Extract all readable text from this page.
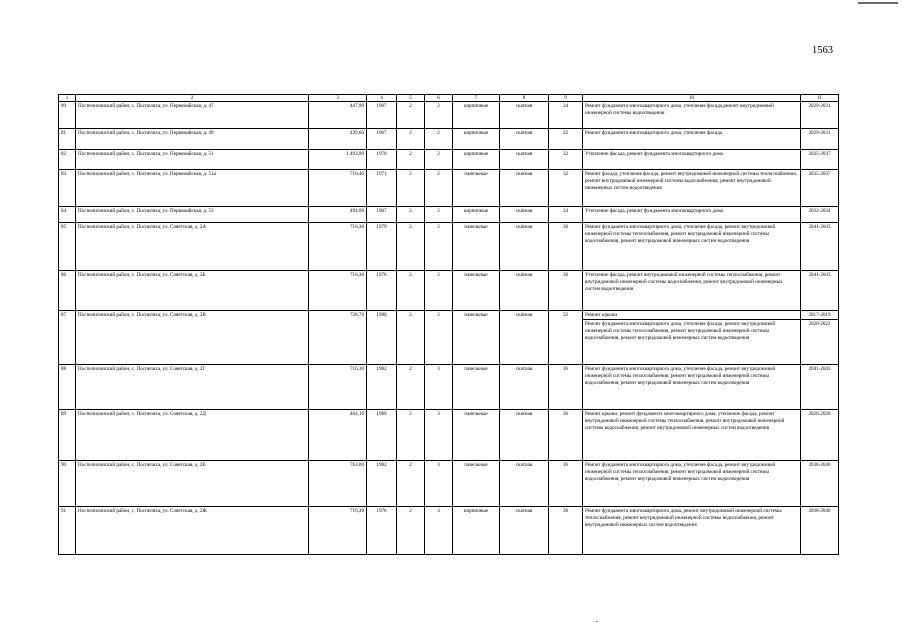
1563
1	2	3	4	5	6	7	8	9	10	11
80	Поспелихинский район, с. Поспелиха, ул. Первомайская, д. 47	447,90	1967	2	2	кирпичные	скатная	24	Ремонт фундамента многоквартирного дома, утепление фасада,ремонт внутридомовой инженерной системы водоотведения	2029-2031
81	Поспелихинский район, с. Поспелиха, ул. Первомайская, д. 49	439,60	1967	2	2	кирпичные	скатная	22	Ремонт фундамента многоквартирного дома, утепление фасада	2029-2031
82	Поспелихинский район, с. Поспелиха, ул. Первомайская, д. 51	1 493,90	1970	2	2	кирпичные	скатная	32	Утепление фасада, ремонт фундамента многоквартирного дома	2035-2037
83	Поспелихинский район, с. Поспелиха, ул. Первомайская, д. 51а	710,40	1971	2	2	панельные	скатная	32	Ремонт фасада, утепление фасада, ремонт внутридомовой инженерной системы теплоснабжения, ремонт внутридомовой инженерной системы водоснабжения, ремонт внутридомовой инженерных систем водоотведения	2035-2037
84	Поспелихинский район, с. Поспелиха, ул. Первомайская, д. 53	494,00	1967	2	2	кирпичные	скатная	24	Утепление фасада, ремонт фундамента многоквартирного дома	2032-2034
85	Поспелихинский район, с. Поспелиха, ул. Советская, д. 2А	716,30	1979	2	2	панельные	скатная	36	Ремонт фундамента многоквартирного дома, утепление фасада, ремонт внутридомовой инженерной системы теплоснабжения, ремонт внутридомовой инженерной системы водоснабжения, ремонт внутридомовой инженерных систем водоотведения	2041-2043
86	Поспелихинский район, с. Поспелиха, ул. Советская, д. 2Б	716,30	1976	2	2	панельные	скатная	36	Утепление фасада, ремонт внутридомовой инженерной системы теплоснабжения, ремонт внутридомовой инженерной системы водоснабжения, ремонт внутридомовой инженерных систем водоотведения	2041-2043
87	Поспелихинский район, с. Поспелиха, ул. Советская, д. 2В	728,70	1980	2	2	панельные	скатная	32	Ремонт крыши	2017-2019
									Ремонт фундамента многоквартирного дома, утепление фасада, ремонт внутридомовой инженерной системы теплоснабжения, ремонт внутридомовой инженерной системы водоснабжения, ремонт внутридомовой инженерных систем водоотведения	2020-2022
88	Поспелихинский район, с. Поспелиха, ул. Советская, д. 2Г	716,30	1982	2	3	панельные	скатная	36	Ремонт фундамента многоквартирного дома, утепление фасада, ремонт внутридомовой инженерной системы теплоснабжения, ремонт внутридомовой инженерной системы водоснабжения, ремонт внутридомовой инженерных систем водоотведения	2041-2043
89	Поспелихинский район, с. Поспелиха, ул. Советская, д. 2Д	464,10	1980	2	3	панельные	скатная	36	Ремонт крыши, ремонт фундамента многоквартирного дома, утепление фасада, ремонт внутридомовой инженерной системы теплоснабжения, ремонт внутридомовой инженерной системы водоснабжения, ремонт внутридомовой инженерных систем водоотведения	2026-2028
90	Поспелихинский район, с. Поспелиха, ул. Советская, д. 2Е	763,00	1982	2	3	панельные	скатная	36	Ремонт фундамента многоквартирного дома, утепление фасада, ремонт внутридомовой инженерной системы теплоснабжения, ремонт внутридомовой инженерной системы водоснабжения, ремонт внутридомовой инженерных систем водоотведения	2038-2040
91	Поспелихинский район, с. Поспелиха, ул. Советская, д. 2Ж	716,30	1976	2	3	кирпичные	скатная	36	Ремонт фундамента многоквартирного дома, ремонт внутридомовой инженерной системы теплоснабжения, ремонт внутридомовой инженерной системы водоснабжения, ремонт внутридомовой инженерных систем водоотведения	2038-2040
